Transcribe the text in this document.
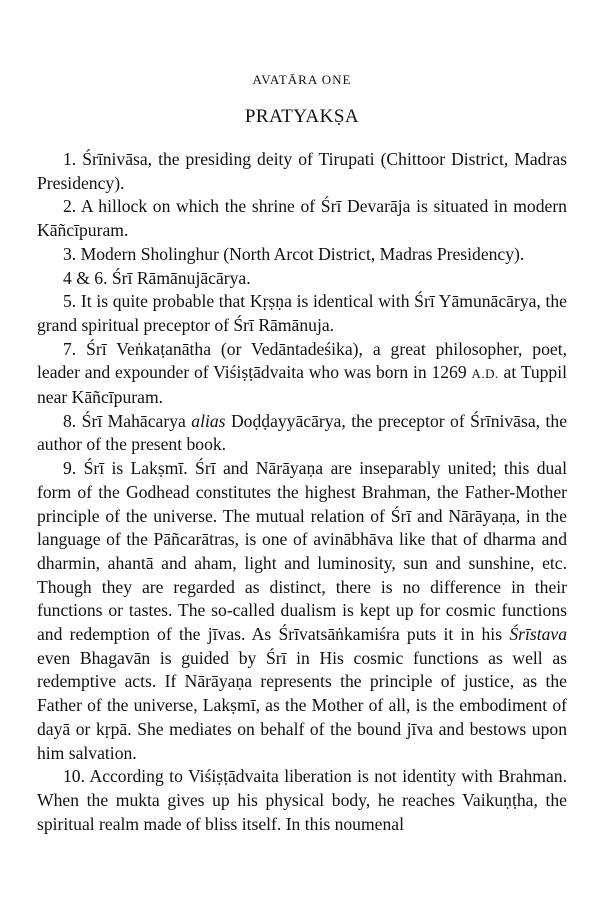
AVATĀRA ONE
PRATYAKṢA

1. Śrīnivāsa, the presiding deity of Tirupati (Chittoor District, Madras Presidency).

2. A hillock on which the shrine of Śrī Devarāja is situated in modern Kāñcīpuram.

3. Modern Sholinghur (North Arcot District, Madras Presidency).

4 & 6. Śrī Rāmānujācārya.

5. It is quite probable that Kṛṣṇa is identical with Śrī Yāmunācārya, the grand spiritual preceptor of Śrī Rāmānuja.

7. Śrī Veṅkaṭanātha (or Vedāntadeśika), a great philosopher, poet, leader and expounder of Viśiṣṭādvaita who was born in 1269 A.D. at Tuppil near Kāñcīpuram.

8. Śrī Mahācarya alias Doḍḍayyācārya, the preceptor of Śrīnivāsa, the author of the present book.

9. Śrī is Lakṣmī. Śrī and Nārāyaṇa are inseparably united; this dual form of the Godhead constitutes the highest Brahman, the Father-Mother principle of the universe. The mutual relation of Śrī and Nārāyaṇa, in the language of the Pāñcarātras, is one of avinābhāva like that of dharma and dharmin, ahantā and aham, light and luminosity, sun and sunshine, etc. Though they are regarded as distinct, there is no difference in their functions or tastes. The so-called dualism is kept up for cosmic functions and redemption of the jīvas. As Śrīvatsāṅkamiśra puts it in his Śrīstava even Bhagavān is guided by Śrī in His cosmic functions as well as redemptive acts. If Nārāyaṇa represents the principle of justice, as the Father of the universe, Lakṣmī, as the Mother of all, is the embodiment of dayā or kṛpā. She mediates on behalf of the bound jīva and bestows upon him salvation.

10. According to Viśiṣṭādvaita liberation is not identity with Brahman. When the mukta gives up his physical body, he reaches Vaikuṇṭha, the spiritual realm made of bliss itself. In this noumenal
